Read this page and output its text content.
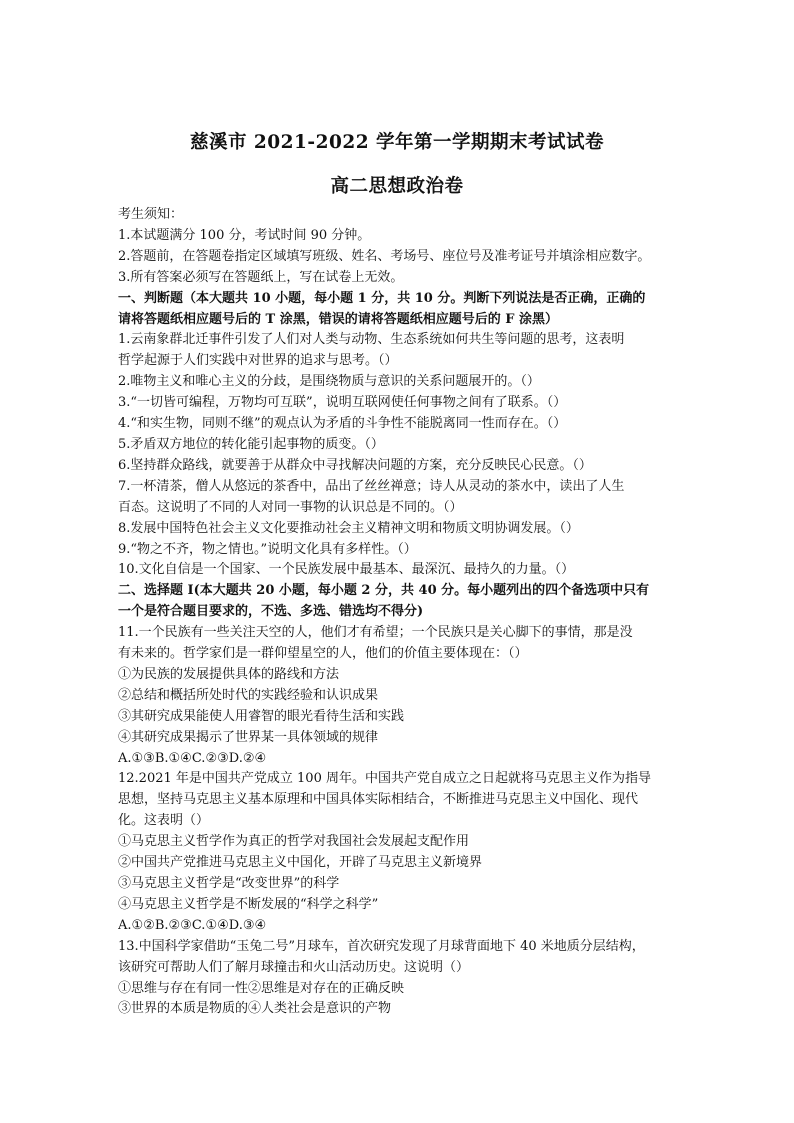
慈溪市 2021-2022 学年第一学期期末考试试卷
高二思想政治卷
考生须知：
1.本试题满分 100 分，考试时间 90 分钟。
2.答题前，在答题卷指定区域填写班级、姓名、考场号、座位号及准考证号并填涂相应数字。
3.所有答案必须写在答题纸上，写在试卷上无效。
一、判断题（本大题共 10 小题，每小题 1 分，共 10 分。判断下列说法是否正确，正确的
请将答题纸相应题号后的 T 涂黑，错误的请将答题纸相应题号后的 F 涂黑）
1.云南象群北迁事件引发了人们对人类与动物、生态系统如何共生等问题的思考，这表明
哲学起源于人们实践中对世界的追求与思考。（）
2.唯物主义和唯心主义的分歧，是围绕物质与意识的关系问题展开的。（）
3.“一切皆可编程，万物均可互联”，说明互联网使任何事物之间有了联系。（）
4.“和实生物，同则不继”的观点认为矛盾的斗争性不能脱离同一性而存在。（）
5.矛盾双方地位的转化能引起事物的质变。（）
6.坚持群众路线，就要善于从群众中寻找解决问题的方案，充分反映民心民意。（）
7.一杯清茶，僧人从悠远的茶香中，品出了丝丝禅意；诗人从灵动的茶水中，读出了人生
百态。这说明了不同的人对同一事物的认识总是不同的。（）
8.发展中国特色社会主义文化要推动社会主义精神文明和物质文明协调发展。（）
9.“物之不齐，物之情也。”说明文化具有多样性。（）
10.文化自信是一个国家、一个民族发展中最基本、最深沉、最持久的力量。（）
二、选择题 I(本大题共 20 小题，每小题 2 分，共 40 分。每小题列出的四个备选项中只有
一个是符合题目要求的，不选、多选、错选均不得分)
11.一个民族有一些关注天空的人，他们才有希望；一个民族只是关心脚下的事情，那是没
有未来的。哲学家们是一群仰望星空的人，他们的价值主要体现在：（）
①为民族的发展提供具体的路线和方法
②总结和概括所处时代的实践经验和认识成果
③其研究成果能使人用睿智的眼光看待生活和实践
④其研究成果揭示了世界某一具体领域的规律
A.①③B.①④C.②③D.②④
12.2021 年是中国共产党成立 100 周年。中国共产党自成立之日起就将马克思主义作为指导
思想，坚持马克思主义基本原理和中国具体实际相结合，不断推进马克思主义中国化、现代
化。这表明（）
①马克思主义哲学作为真正的哲学对我国社会发展起支配作用
②中国共产党推进马克思主义中国化，开辟了马克思主义新境界
③马克思主义哲学是“改变世界”的科学
④马克思主义哲学是不断发展的“科学之科学”
A.①②B.②③C.①④D.③④
13.中国科学家借助“玉兔二号”月球车，首次研究发现了月球背面地下 40 米地质分层结构，
该研究可帮助人们了解月球撞击和火山活动历史。这说明（）
①思维与存在有同一性②思维是对存在的正确反映
③世界的本质是物质的④人类社会是意识的产物
